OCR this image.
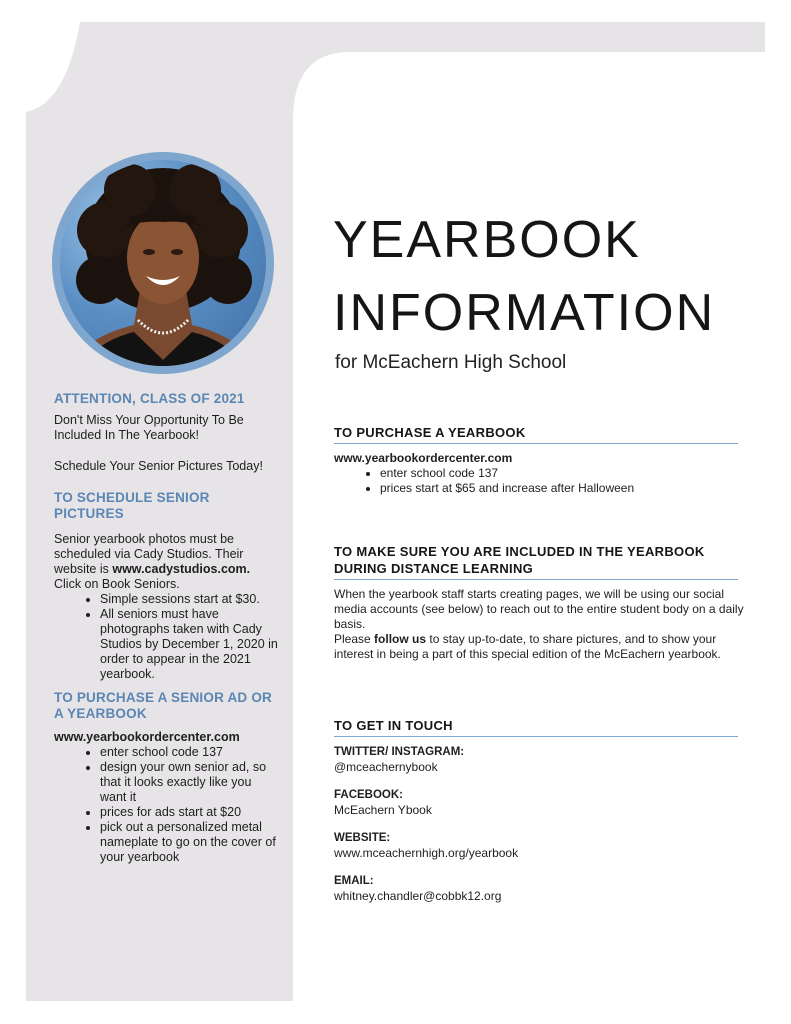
ATTENTION, CLASS OF 2021

Don't Miss Your Opportunity To Be Included In The Yearbook!

Schedule Your Senior Pictures Today!

TO SCHEDULE SENIOR PICTURES

Senior yearbook photos must be scheduled via Cady Studios. Their website is www.cadystudios.com. Click on Book Seniors.

• Simple sessions start at $30.
• All seniors must have photographs taken with Cady Studios by December 1, 2020 in order to appear in the 2021 yearbook.
TO PURCHASE A SENIOR AD OR A YEARBOOK

www.yearbookordercenter.com

• enter school code 137
• design your own senior ad, so that it looks exactly like you want it
• prices for ads start at $20
• pick out a personalized metal nameplate to go on the cover of your yearbook
YEARBOOK
INFORMATION
for McEachern High School
TO PURCHASE A YEARBOOK

www.yearbookordercenter.com

• enter school code 137
• prices start at $65 and increase after Halloween
TO MAKE SURE YOU ARE INCLUDED IN THE YEARBOOK DURING DISTANCE LEARNING

When the yearbook staff starts creating pages, we will be using our social media accounts (see below) to reach out to the entire student body on a daily basis.

Please follow us to stay up-to-date, to share pictures, and to show your interest in being a part of this special edition of the McEachern yearbook.

TO GET IN TOUCH

TWITTER/ INSTAGRAM:

@mceachernybook

FACEBOOK:

McEachern Ybook

WEBSITE:

www.mceachernhigh.org/yearbook

EMAIL:

whitney.chandler@cobbk12.org
